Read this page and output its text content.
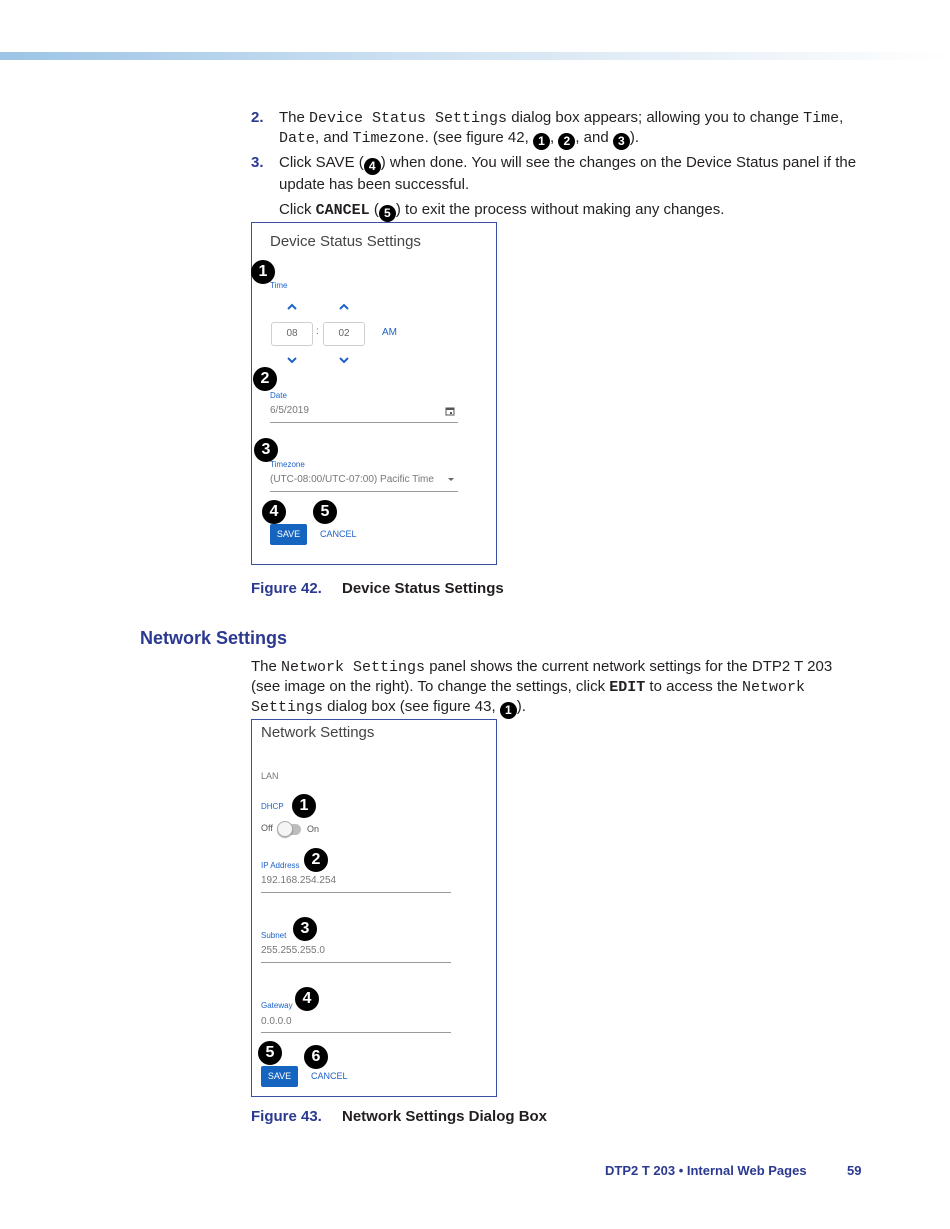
2. The Device Status Settings dialog box appears; allowing you to change Time,
Date, and Timezone. (see figure 42, 1 , 2 , and 3 ).
3. Click SAVE ( 4 ) when done. You will see the changes on the Device Status panel if the update has been successful.
Click CANCEL ( 5 ) to exit the process without making any changes.
Device Status Settings
1
Time
08	:	02	AM
2
Date
6/5/2019
3
Timezone
(UTC-08:00/UTC-07:00) Pacific Time
4	5
SAVE	CANCEL
Figure 42. Device Status Settings
Network Settings
The Network Settings panel shows the current network settings for the DTP2 T 203 (see image on the right). To change the settings, click EDIT to access the Network Settings dialog box (see figure 43, 1 ).
Network Settings
LAN
DHCP 1
Off	On
IP Address 2
192.168.254.254
Subnet 3
255.255.255.0
Gateway 4
0.0.0.0
5	6
SAVE	CANCEL
Figure 43. Network Settings Dialog Box
DTP2 T 203 • Internal Web Pages	59
